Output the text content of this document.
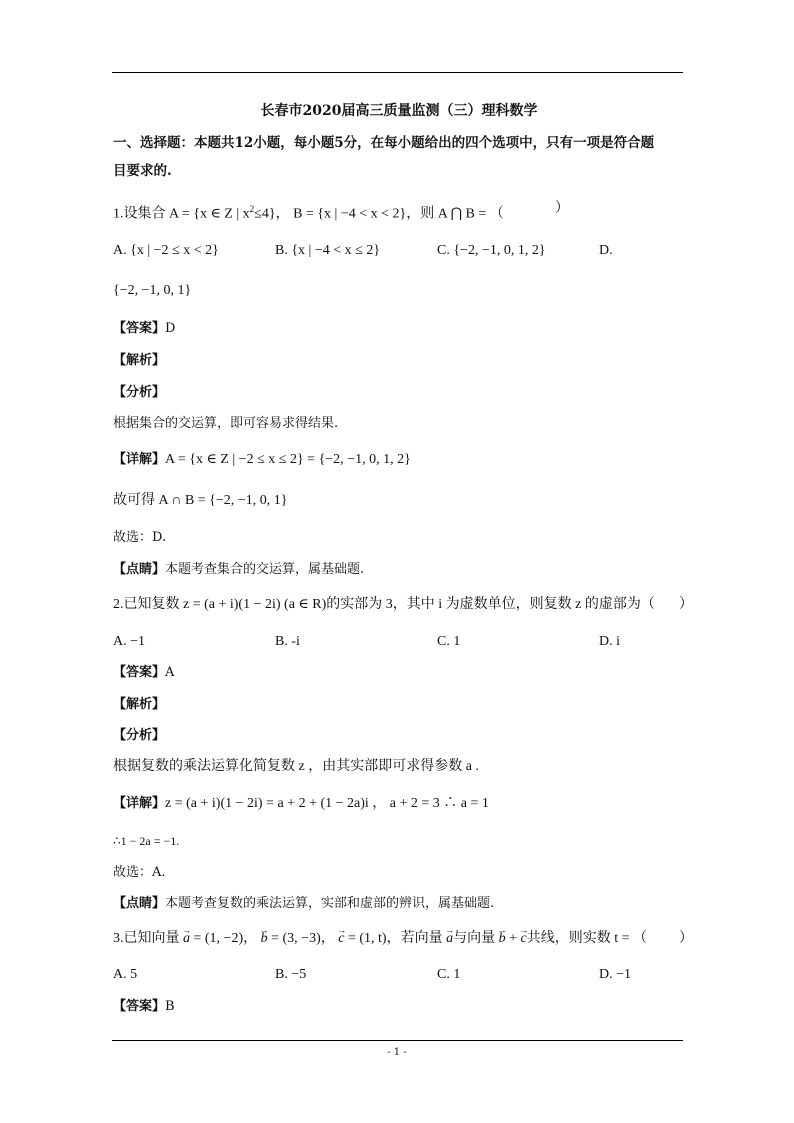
长春市2020届高三质量监测（三）理科数学
一、选择题：本题共12小题，每小题5分，在每小题给出的四个选项中，只有一项是符合题
目要求的.
1.设集合 A = {x ∈ Z | $x^2\le 4$}， B = {x | −4 < x < 2}，则 A ⋂ B = （	）
A. {x | −2 ≤ x < 2}	B. {x | −4 < x ≤ 2}	C. {−2, −1, 0, 1, 2}	D.
{−2, −1, 0, 1}
【答案】D
【解析】
【分析】
根据集合的交运算，即可容易求得结果.
【详解】A = {x ∈ Z | −2 ≤ x ≤ 2} = {−2, −1, 0, 1, 2}
故可得 A ∩ B = {−2, −1, 0, 1}
故选：D.
【点睛】本题考查集合的交运算，属基础题.
2.已知复数 z = (a + i)(1 − 2i) (a ∈ R)的实部为 3，其中 i 为虚数单位，则复数 z 的虚部为（ ）
A. −1	B. -i	C. 1	D. i
【答案】A
【解析】
【分析】
根据复数的乘法运算化简复数 z ，由其实部即可求得参数 a .
【详解】z = (a + i)(1 − 2i) = a + 2 + (1 − 2a)i ， a + 2 = 3 ∴ a = 1
∴1 − 2a = −1.
故选：A.
【点睛】本题考查复数的乘法运算，实部和虚部的辨识，属基础题.
3.已知向量 → a = (1, −2)， → b = (3, −3)， → c = (1, t)，若向量 → a与向量 → b + → c共线，则实数 t = （ ）
A. 5	B. −5	C. 1	D. −1
【答案】B
- 1 -
